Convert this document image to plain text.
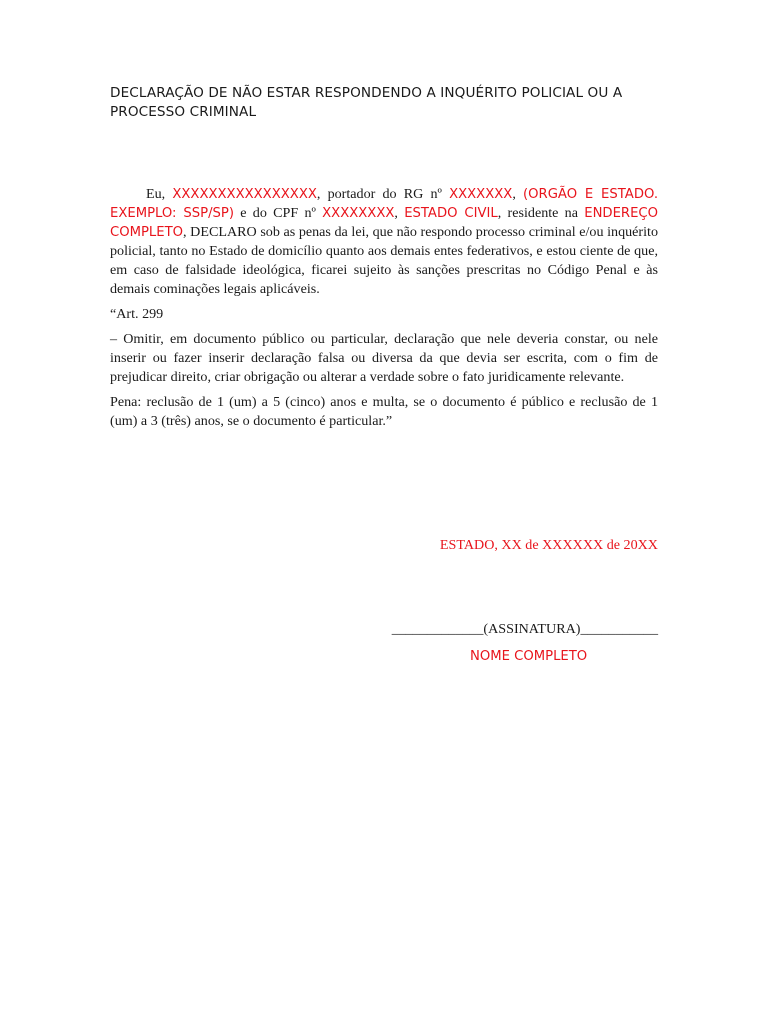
DECLARAÇÃO DE NÃO ESTAR RESPONDENDO A INQUÉRITO POLICIAL OU A PROCESSO CRIMINAL

Eu, XXXXXXXXXXXXXXXX, portador do RG nº XXXXXXX, (ORGÃO E ESTADO. EXEMPLO: SSP/SP) e do CPF nº XXXXXXXX, ESTADO CIVIL, residente na ENDEREÇO COMPLETO, DECLARO sob as penas da lei, que não respondo processo criminal e/ou inquérito policial, tanto no Estado de domicílio quanto aos demais entes federativos, e estou ciente de que, em caso de falsidade ideológica, ficarei sujeito às sanções prescritas no Código Penal e às demais cominações legais aplicáveis.

“Art. 299

– Omitir, em documento público ou particular, declaração que nele deveria constar, ou nele inserir ou fazer inserir declaração falsa ou diversa da que devia ser escrita, com o fim de prejudicar direito, criar obrigação ou alterar a verdade sobre o fato juridicamente relevante.

Pena: reclusão de 1 (um) a 5 (cinco) anos e multa, se o documento é público e reclusão de 1 (um) a 3 (três) anos, se o documento é particular.”

ESTADO, XX de XXXXXX de 20XX
_____________(ASSINATURA)___________
NOME COMPLETO
